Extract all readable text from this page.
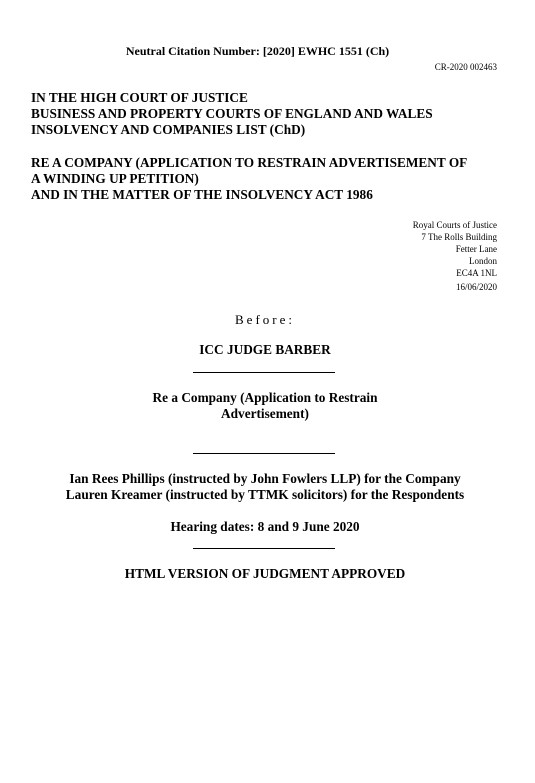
Neutral Citation Number: [2020] EWHC 1551 (Ch)

CR-2020 002463

IN THE HIGH COURT OF JUSTICE
BUSINESS AND PROPERTY COURTS OF ENGLAND AND WALES
INSOLVENCY AND COMPANIES LIST (ChD)
RE A COMPANY (APPLICATION TO RESTRAIN ADVERTISEMENT OF
A WINDING UP PETITION)
AND IN THE MATTER OF THE INSOLVENCY ACT 1986
Royal Courts of Justice
7 The Rolls Building
Fetter Lane
London
EC4A 1NL
16/06/2020

Before:

ICC JUDGE BARBER

Re a Company (Application to Restrain
Advertisement)
Ian Rees Phillips (instructed by John Fowlers LLP) for the Company
Lauren Kreamer (instructed by TTMK solicitors) for the Respondents

Hearing dates: 8 and 9 June 2020

HTML VERSION OF JUDGMENT APPROVED
